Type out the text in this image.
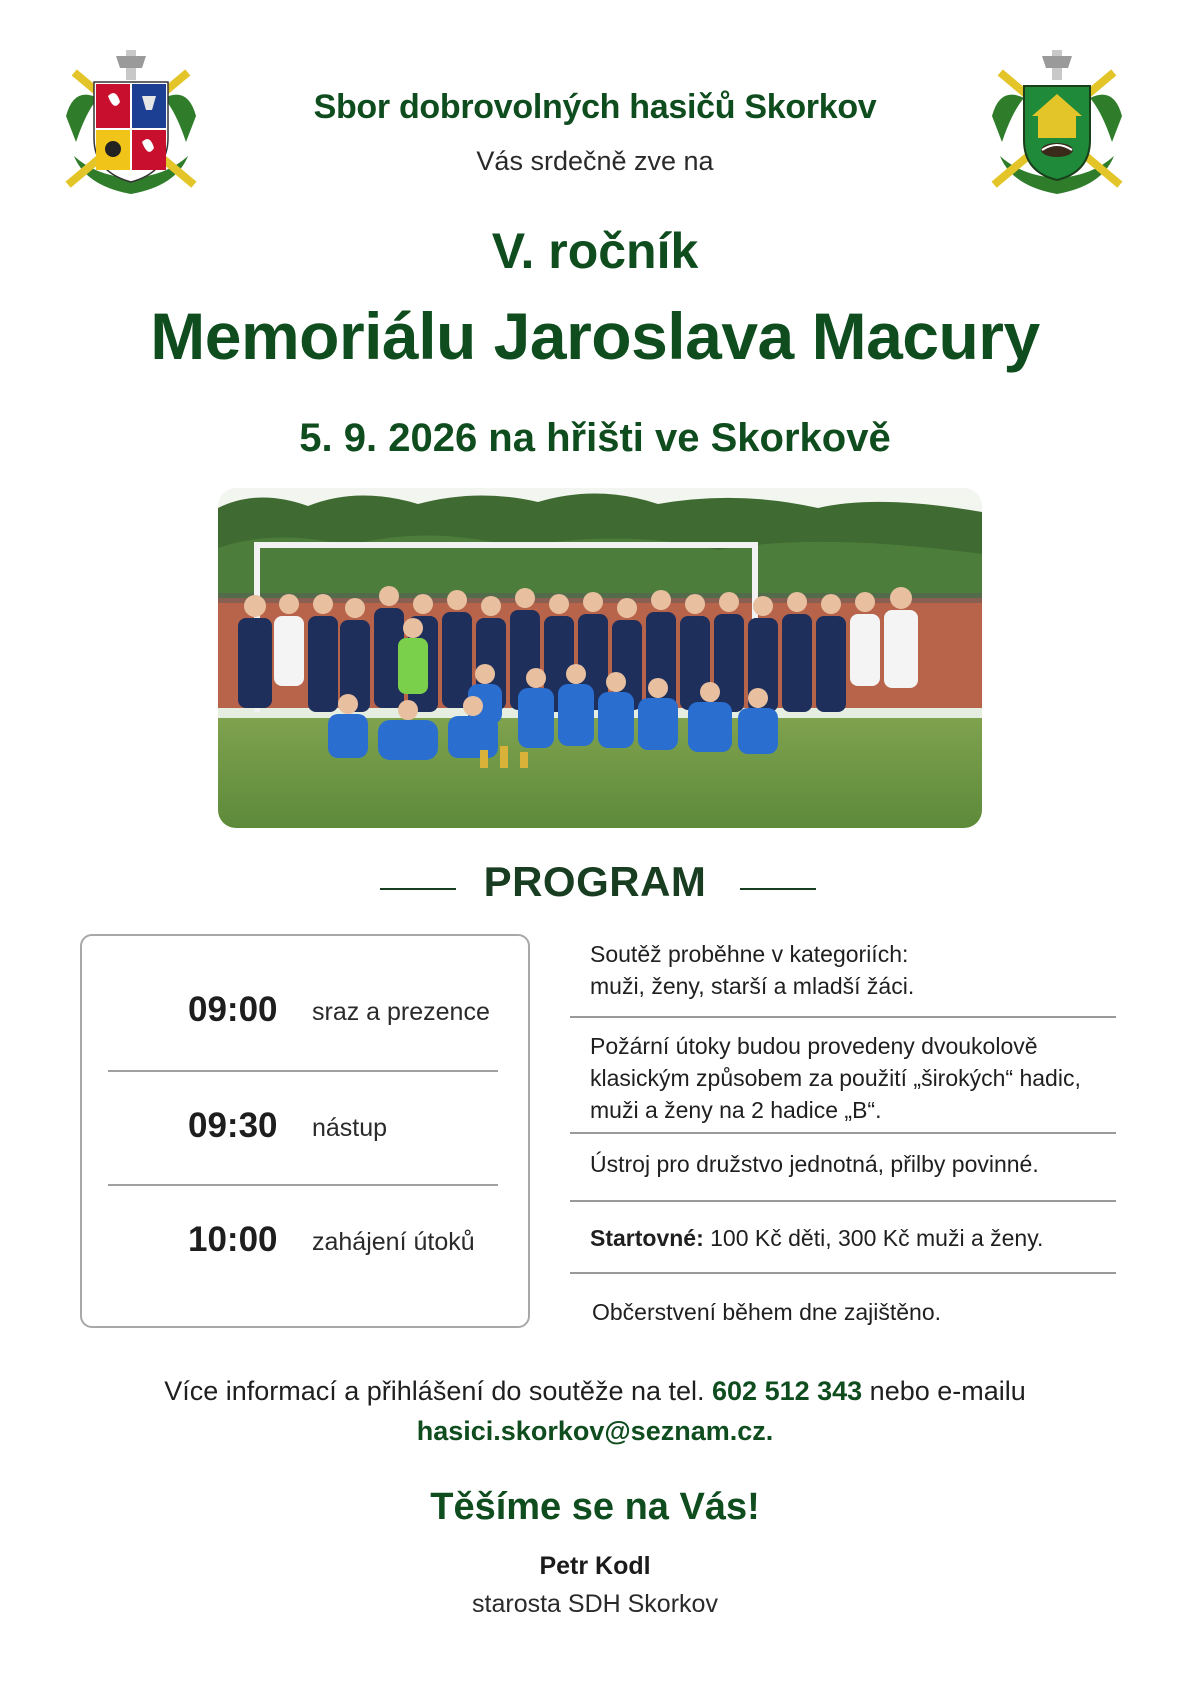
Sbor dobrovolných hasičů Skorkov
Vás srdečně zve na
V. ročník
Memoriálu Jaroslava Macury
5. 9. 2026 na hřišti ve Skorkově
PROGRAM
09:00 sraz a prezence
09:30 nástup
10:00 zahájení útoků
Soutěž proběhne v kategoriích:
muži, ženy, starší a mladší žáci.
Požární útoky budou provedeny dvoukolově
klasickým způsobem za použití „širokých“ hadic,
muži a ženy na 2 hadice „B“.
Ústroj pro družstvo jednotná, přilby povinné.
Startovné: 100 Kč děti, 300 Kč muži a ženy.
Občerstvení během dne zajištěno.
Více informací a přihlášení do soutěže na tel. 602 512 343 nebo e-mailu
hasici.skorkov@seznam.cz.
Těšíme se na Vás!
Petr Kodl
starosta SDH Skorkov
